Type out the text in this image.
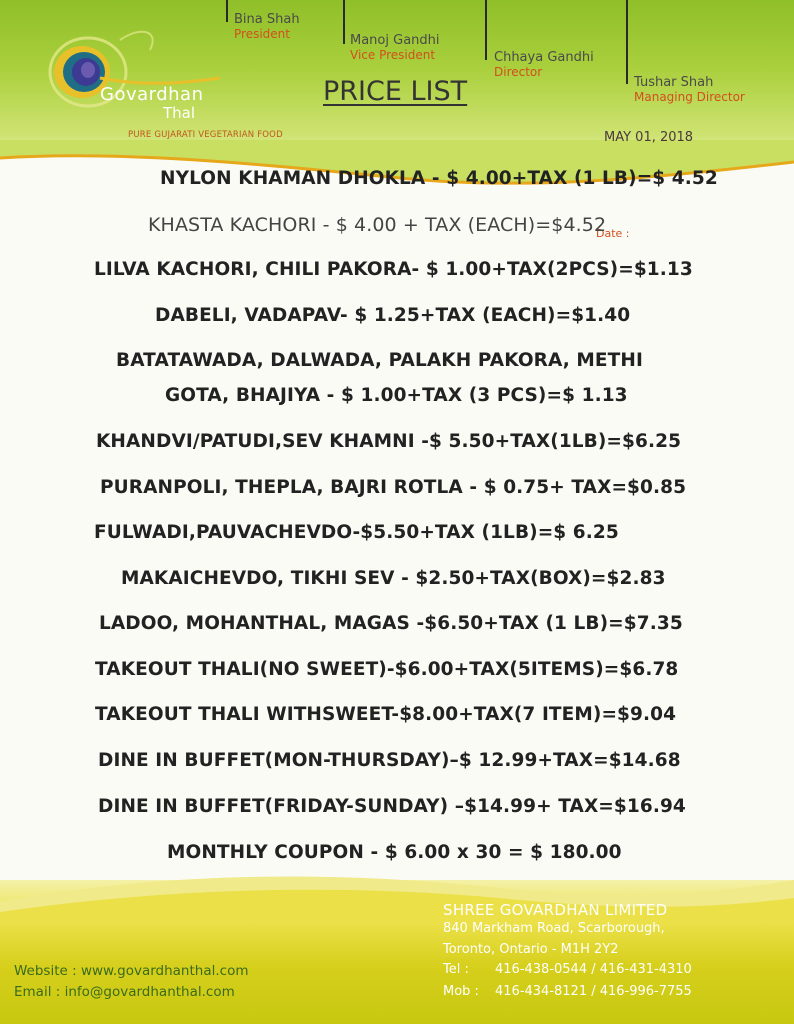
Govardhan
Thal
PURE GUJARATI VEGETARIAN FOOD
Bina Shah
President	Manoj Gandhi
Vice President	Chhaya Gandhi
Director
Tushar Shah
Managing Director
PRICE LIST
MAY 01, 2018
Date :
NYLON KHAMAN DHOKLA - $ 4.00+TAX (1 LB)=$ 4.52
KHASTA KACHORI - $ 4.00 + TAX (EACH)=$4.52
LILVA KACHORI, CHILI PAKORA- $ 1.00+TAX(2PCS)=$1.13
DABELI, VADAPAV- $ 1.25+TAX (EACH)=$1.40
BATATAWADA, DALWADA, PALAKH PAKORA, METHI
GOTA, BHAJIYA - $ 1.00+TAX (3 PCS)=$ 1.13
KHANDVI/PATUDI,SEV KHAMNI -$ 5.50+TAX(1LB)=$6.25
PURANPOLI, THEPLA, BAJRI ROTLA - $ 0.75+ TAX=$0.85
FULWADI,PAUVACHEVDO-$5.50+TAX (1LB)=$ 6.25
MAKAICHEVDO, TIKHI SEV - $2.50+TAX(BOX)=$2.83
LADOO, MOHANTHAL, MAGAS -$6.50+TAX (1 LB)=$7.35
TAKEOUT THALI(NO SWEET)-$6.00+TAX(5ITEMS)=$6.78
TAKEOUT THALI WITHSWEET-$8.00+TAX(7 ITEM)=$9.04
DINE IN BUFFET(MON-THURSDAY)–$ 12.99+TAX=$14.68
DINE IN BUFFET(FRIDAY-SUNDAY) –$14.99+ TAX=$16.94
MONTHLY COUPON - $ 6.00 x 30 = $ 180.00
SHREE GOVARDHAN LIMITED
840 Markham Road, Scarborough,
Toronto, Ontario - M1H 2Y2
Tel : 416-438-0544 / 416-431-4310
Mob : 416-434-8121 / 416-996-7755
Website : www.govardhanthal.com
Email : info@govardhanthal.com
